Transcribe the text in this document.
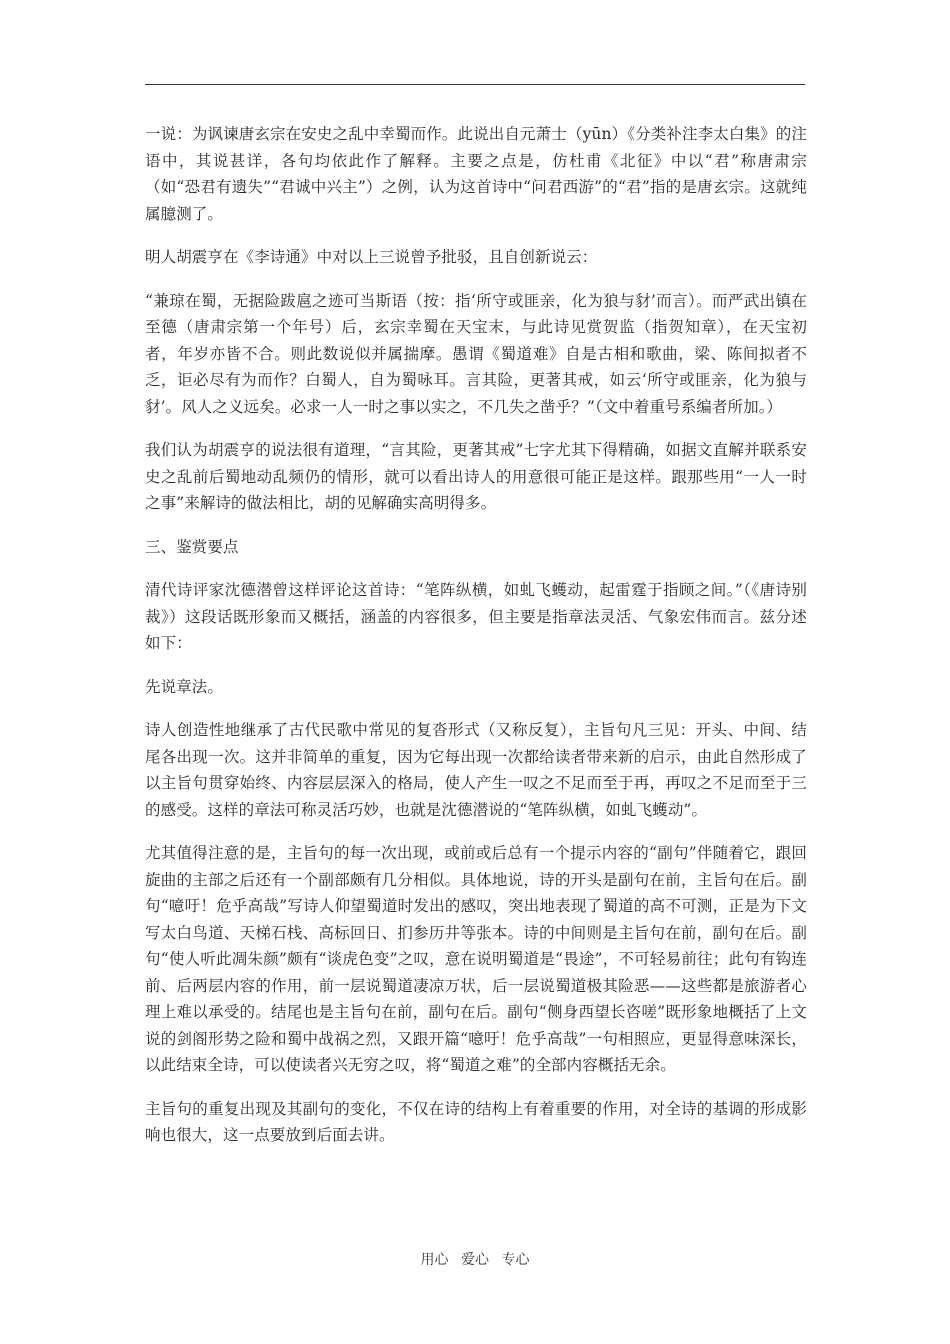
一说：为讽谏唐玄宗在安史之乱中幸蜀而作。此说出自元萧士（yūn）《分类补注李太白集》的注语中，其说甚详，各句均依此作了解释。主要之点是，仿杜甫《北征》中以“君”称唐肃宗（如“恐君有遗失”“君诚中兴主”）之例，认为这首诗中“问君西游”的“君”指的是唐玄宗。这就纯属臆测了。

明人胡震亨在《李诗通》中对以上三说曾予批驳，且自创新说云：

“兼琼在蜀，无据险跋扈之迹可当斯语（按：指‘所守或匪亲，化为狼与豺’而言）。而严武出镇在至德（唐肃宗第一个年号）后，玄宗幸蜀在天宝末，与此诗见赏贺监（指贺知章），在天宝初者，年岁亦皆不合。则此数说似并属揣摩。愚谓《蜀道难》自是古相和歌曲，梁、陈间拟者不乏，讵必尽有为而作？白蜀人，自为蜀咏耳。言其险，更著其戒，如云‘所守或匪亲，化为狼与豺’。风人之义远矣。必求一人一时之事以实之，不几失之凿乎？”（文中着重号系编者所加。）

我们认为胡震亨的说法很有道理，“言其险，更著其戒”七字尤其下得精确，如据文直解并联系安史之乱前后蜀地动乱频仍的情形，就可以看出诗人的用意很可能正是这样。跟那些用“一人一时之事”来解诗的做法相比，胡的见解确实高明得多。

三、鉴赏要点

清代诗评家沈德潜曾这样评论这首诗：“笔阵纵横，如虬飞蠖动，起雷霆于指顾之间。”（《唐诗别裁》）这段话既形象而又概括，涵盖的内容很多，但主要是指章法灵活、气象宏伟而言。兹分述如下：

先说章法。

诗人创造性地继承了古代民歌中常见的复沓形式（又称反复），主旨句凡三见：开头、中间、结尾各出现一次。这并非简单的重复，因为它每出现一次都给读者带来新的启示，由此自然形成了以主旨句贯穿始终、内容层层深入的格局，使人产生一叹之不足而至于再，再叹之不足而至于三的感受。这样的章法可称灵活巧妙，也就是沈德潜说的“笔阵纵横，如虬飞蠖动”。

尤其值得注意的是，主旨句的每一次出现，或前或后总有一个提示内容的“副句”伴随着它，跟回旋曲的主部之后还有一个副部颇有几分相似。具体地说，诗的开头是副句在前，主旨句在后。副句“噫吁！危乎高哉”写诗人仰望蜀道时发出的感叹，突出地表现了蜀道的高不可测，正是为下文写太白鸟道、天梯石栈、高标回日、扪参历井等张本。诗的中间则是主旨句在前，副句在后。副句“使人听此凋朱颜”颇有“谈虎色变”之叹，意在说明蜀道是“畏途”，不可轻易前往；此句有钩连前、后两层内容的作用，前一层说蜀道凄凉万状，后一层说蜀道极其险恶——这些都是旅游者心理上难以承受的。结尾也是主旨句在前，副句在后。副句“侧身西望长咨嗟”既形象地概括了上文说的剑阁形势之险和蜀中战祸之烈，又跟开篇“噫吁！危乎高哉”一句相照应，更显得意味深长，以此结束全诗，可以使读者兴无穷之叹，将“蜀道之难”的全部内容概括无余。

主旨句的重复出现及其副句的变化，不仅在诗的结构上有着重要的作用，对全诗的基调的形成影响也很大，这一点要放到后面去讲。

用心 爱心 专心
